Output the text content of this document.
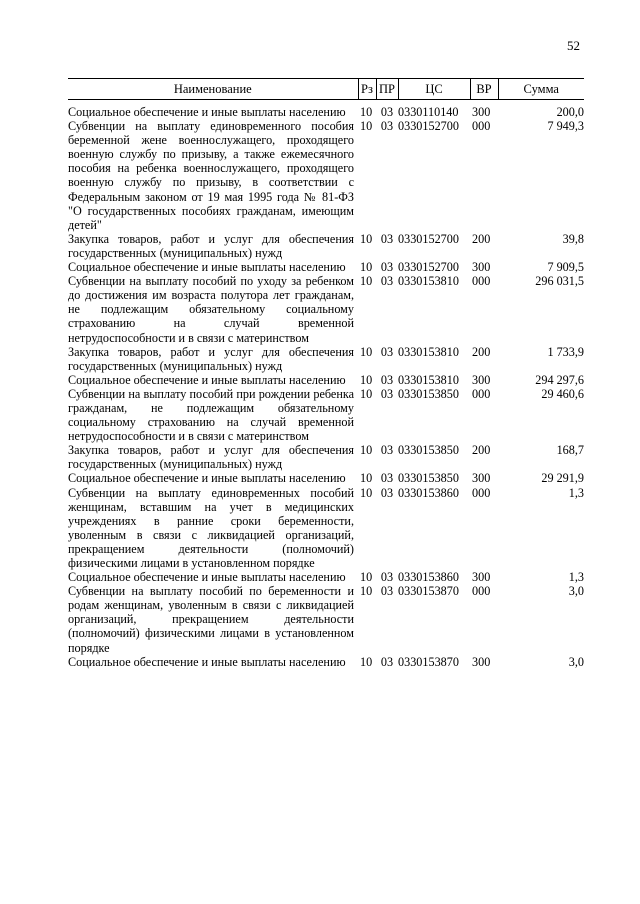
52
Наименование	Рз	ПР	ЦС	ВР	Сумма
Социальное обеспечение и иные выплаты населению	10	03	0330110140	300	200,0
Субвенции на выплату единовременного пособия беременной жене военнослужащего, проходящего военную службу по призыву, а также ежемесячного пособия на ребенка военнослужащего, проходящего военную службу по призыву, в соответствии с Федеральным законом от 19 мая 1995 года № 81-ФЗ "О государственных пособиях гражданам, имеющим детей"	10	03	0330152700	000	7 949,3
Закупка товаров, работ и услуг для обеспечения государственных (муниципальных) нужд	10	03	0330152700	200	39,8
Социальное обеспечение и иные выплаты населению	10	03	0330152700	300	7 909,5
Субвенции на выплату пособий по уходу за ребенком до достижения им возраста полутора лет гражданам, не подлежащим обязательному социальному страхованию на случай временной нетрудоспособности и в связи с материнством	10	03	0330153810	000	296 031,5
Закупка товаров, работ и услуг для обеспечения государственных (муниципальных) нужд	10	03	0330153810	200	1 733,9
Социальное обеспечение и иные выплаты населению	10	03	0330153810	300	294 297,6
Субвенции на выплату пособий при рождении ребенка гражданам, не подлежащим обязательному социальному страхованию на случай временной нетрудоспособности и в связи с материнством	10	03	0330153850	000	29 460,6
Закупка товаров, работ и услуг для обеспечения государственных (муниципальных) нужд	10	03	0330153850	200	168,7
Социальное обеспечение и иные выплаты населению	10	03	0330153850	300	29 291,9
Субвенции на выплату единовременных пособий женщинам, вставшим на учет в медицинских учреждениях в ранние сроки беременности, уволенным в связи с ликвидацией организаций, прекращением деятельности (полномочий) физическими лицами в установленном порядке	10	03	0330153860	000	1,3
Социальное обеспечение и иные выплаты населению	10	03	0330153860	300	1,3
Субвенции на выплату пособий по беременности и родам женщинам, уволенным в связи с ликвидацией организаций, прекращением деятельности (полномочий) физическими лицами в установленном порядке	10	03	0330153870	000	3,0
Социальное обеспечение и иные выплаты населению	10	03	0330153870	300	3,0
